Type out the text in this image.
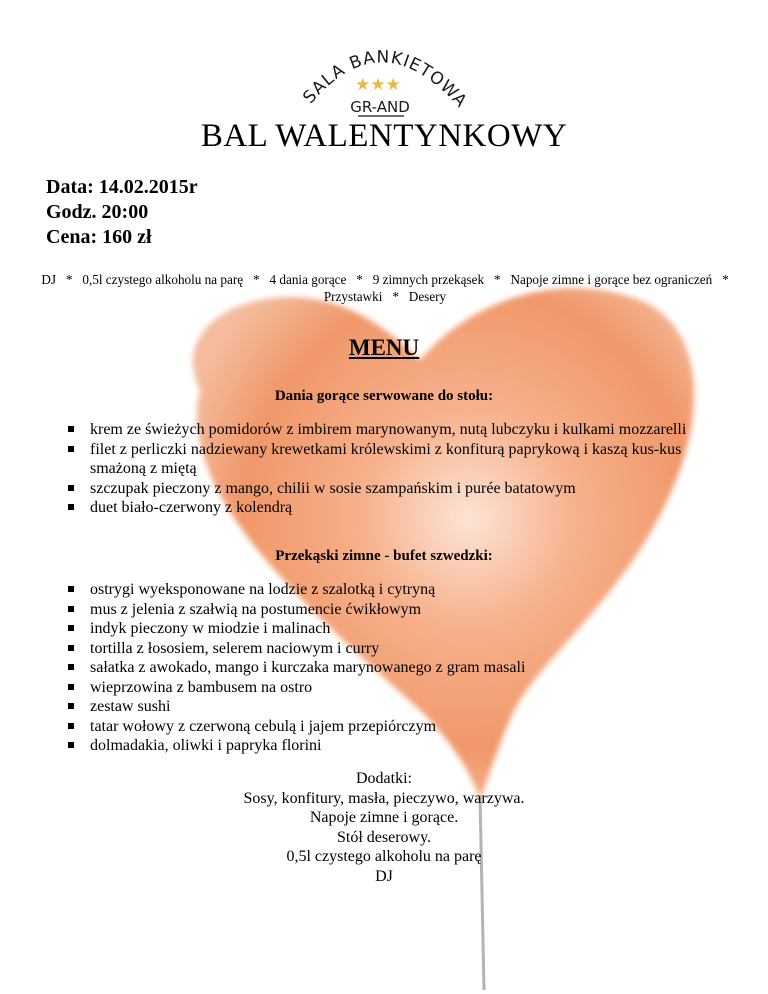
SALA BANKIETOW
★★★
GR-AND
BAL WALENTYNKOWY
Data: 14.02.2015r
Godz. 20:00
Cena: 160 zł
DJ   *   0,5l czystego alkoholu na parę   *   4 dania gorące   *   9 zimnych przekąsek   *   Napoje zimne i gorące bez ograniczeń   *   Przystawki   *   Desery
MENU
Dania gorące serwowane do stołu:
krem ze świeżych pomidorów z imbirem marynowanym, nutą lubczyku i kulkami mozzarelli
filet z perliczki nadziewany krewetkami królewskimi z konfiturą paprykową i kaszą kus-kus smażoną z miętą
szczupak pieczony z mango, chilii w sosie szampańskim i purée batatowym
duet biało-czerwony z kolendrą
Przekąski zimne - bufet szwedzki:
ostrygi wyeksponowane na lodzie z szalotką i cytryną
mus z jelenia z szałwią na postumencie ćwikłowym
indyk pieczony w miodzie i malinach
tortilla z łososiem, selerem naciowym i curry
sałatka z awokado, mango i kurczaka marynowanego z gram masali
wieprzowina z bambusem na ostro
zestaw sushi
tatar wołowy z czerwoną cebulą i jajem przepiórczym
dolmadakia, oliwki i papryka florini
Dodatki:
Sosy, konfitury, masła, pieczywo, warzywa.
Napoje zimne i gorące.
Stół deserowy.
0,5l czystego alkoholu na parę
DJ
